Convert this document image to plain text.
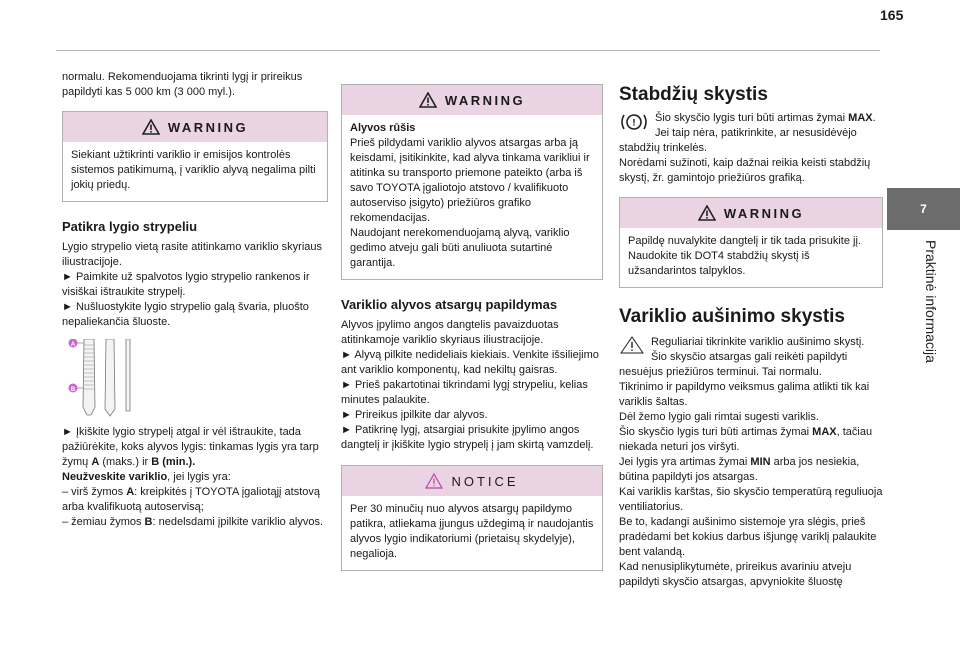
165
7
Praktinė informacija

normalu. Rekomenduojama tikrinti lygį ir prireikus papildyti kas 5 000 km (3 000 myl.).

WARNING

Siekiant užtikrinti variklio ir emisijos kontrolės sistemos patikimumą, į variklio alyvą negalima pilti jokių priedų.

Patikra lygio strypeliu

Lygio strypelio vietą rasite atitinkamo variklio skyriaus iliustracijoje.

► Paimkite už spalvotos lygio strypelio rankenos ir visiškai ištraukite strypelį.

► Nušluostykite lygio strypelio galą švaria, pluošto nepaliekančia šluoste.

A
B

► Įkiškite lygio strypelį atgal ir vėl ištraukite, tada pažiūrėkite, koks alyvos lygis: tinkamas lygis yra tarp žymų A (maks.) ir B (min.).
Neužveskite variklio, jei lygis yra:

– virš žymos A: kreipkitės į TOYOTA įgaliotąjį atstovą arba kvalifikuotą autoservisą;

– žemiau žymos B: nedelsdami įpilkite variklio alyvos.

WARNING

Alyvos rūšis

Prieš pildydami variklio alyvos atsargas arba ją keisdami, įsitikinkite, kad alyva tinkama varikliui ir atitinka su transporto priemone pateikto (arba iš savo TOYOTA įgaliotojo atstovo / kvalifikuoto autoserviso įsigyto) priežiūros grafiko rekomendacijas.

Naudojant nerekomenduojamą alyvą, variklio gedimo atveju gali būti anuliuota sutartinė garantija.

Variklio alyvos atsargų papildymas

Alyvos įpylimo angos dangtelis pavaizduotas atitinkamoje variklio skyriaus iliustracijoje.

► Alyvą pilkite nedideliais kiekiais. Venkite išsiliejimo ant variklio komponentų, kad nekiltų gaisras.

► Prieš pakartotinai tikrindami lygį strypeliu, kelias minutes palaukite.

► Prireikus įpilkite dar alyvos.

► Patikrinę lygį, atsargiai prisukite įpylimo angos dangtelį ir įkiškite lygio strypelį į jam skirtą vamzdelį.

NOTICE

Per 30 minučių nuo alyvos atsargų papildymo patikra, atliekama įjungus uždegimą ir naudojantis alyvos lygio indikatoriumi (prietaisų skydelyje), negalioja.

Stabdžių skystis

! Šio skysčio lygis turi būti artimas žymai MAX. Jei taip nėra, patikrinkite, ar nesusidėvėjo stabdžių trinkelės.

Norėdami sužinoti, kaip dažnai reikia keisti stabdžių skystį, žr. gamintojo priežiūros grafiką.

WARNING

Papildę nuvalykite dangtelį ir tik tada prisukite jį. Naudokite tik DOT4 stabdžių skystį iš užsandarintos talpyklos.

Variklio aušinimo skystis

Reguliariai tikrinkite variklio aušinimo skystį.

Šio skysčio atsargas gali reikėti papildyti nesuėjus priežiūros terminui. Tai normalu.

Tikrinimo ir papildymo veiksmus galima atlikti tik kai variklis šaltas.

Dėl žemo lygio gali rimtai sugesti variklis.

Šio skysčio lygis turi būti artimas žymai MAX, tačiau niekada neturi jos viršyti.

Jei lygis yra artimas žymai MIN arba jos nesiekia, būtina papildyti jos atsargas.

Kai variklis karštas, šio skysčio temperatūrą reguliuoja ventiliatorius.

Be to, kadangi aušinimo sistemoje yra slėgis, prieš pradėdami bet kokius darbus išjungę variklį palaukite bent valandą.

Kad nenusiplikytumėte, prireikus avariniu atveju papildyti skysčio atsargas, apvyniokite šluostę
